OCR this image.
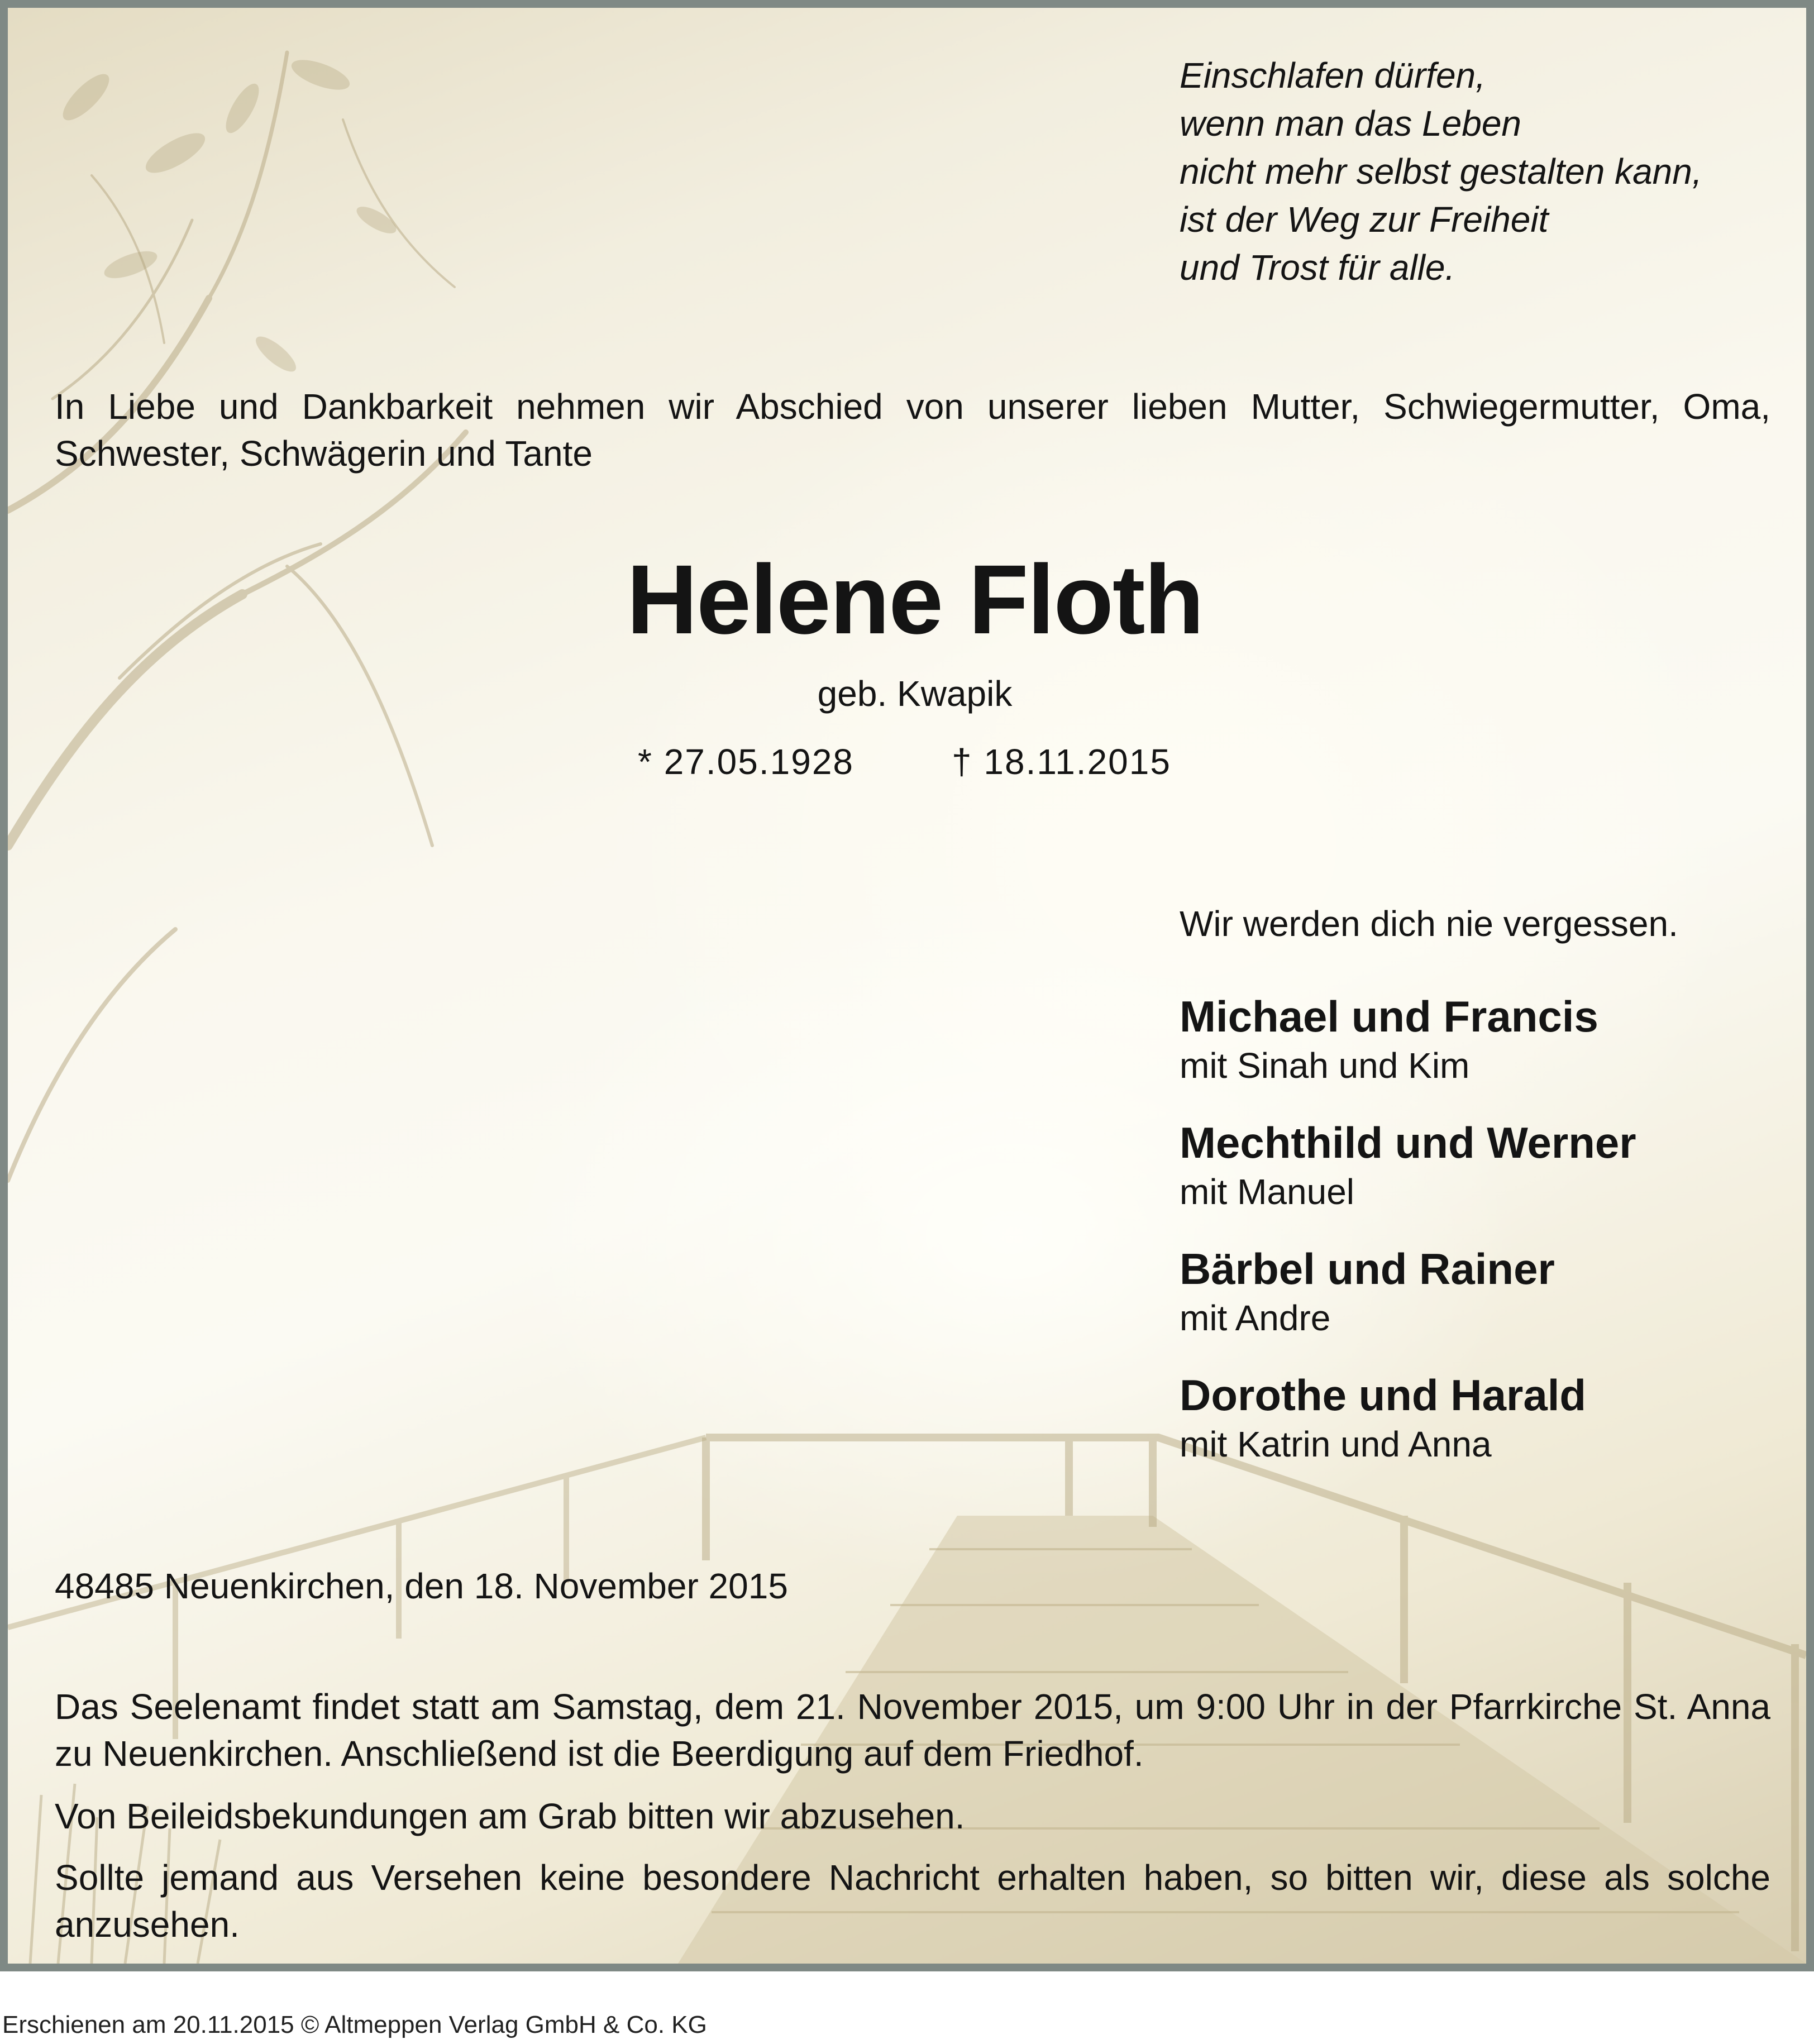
Einschlafen dürfen,
wenn man das Leben
nicht mehr selbst gestalten kann,
ist der Weg zur Freiheit
und Trost für alle.
In Liebe und Dankbarkeit nehmen wir Abschied von unserer lieben Mutter, Schwiegermutter, Oma, Schwester, Schwägerin und Tante
Helene Floth
geb. Kwapik
* 27.05.1928	† 18.11.2015
Wir werden dich nie vergessen.
Michael und Francis
mit Sinah und Kim
Mechthild und Werner
mit Manuel
Bärbel und Rainer
mit Andre
Dorothe und Harald
mit Katrin und Anna
48485 Neuenkirchen, den 18. November 2015
Das Seelenamt findet statt am Samstag, dem 21. November 2015, um 9:00 Uhr in der Pfarrkirche St. Anna zu Neuenkirchen. Anschließend ist die Beerdigung auf dem Friedhof.
Von Beileidsbekundungen am Grab bitten wir abzusehen.
Sollte jemand aus Versehen keine besondere Nachricht erhalten haben, so bitten wir, diese als solche anzusehen.
Erschienen am 20.11.2015 © Altmeppen Verlag GmbH & Co. KG
